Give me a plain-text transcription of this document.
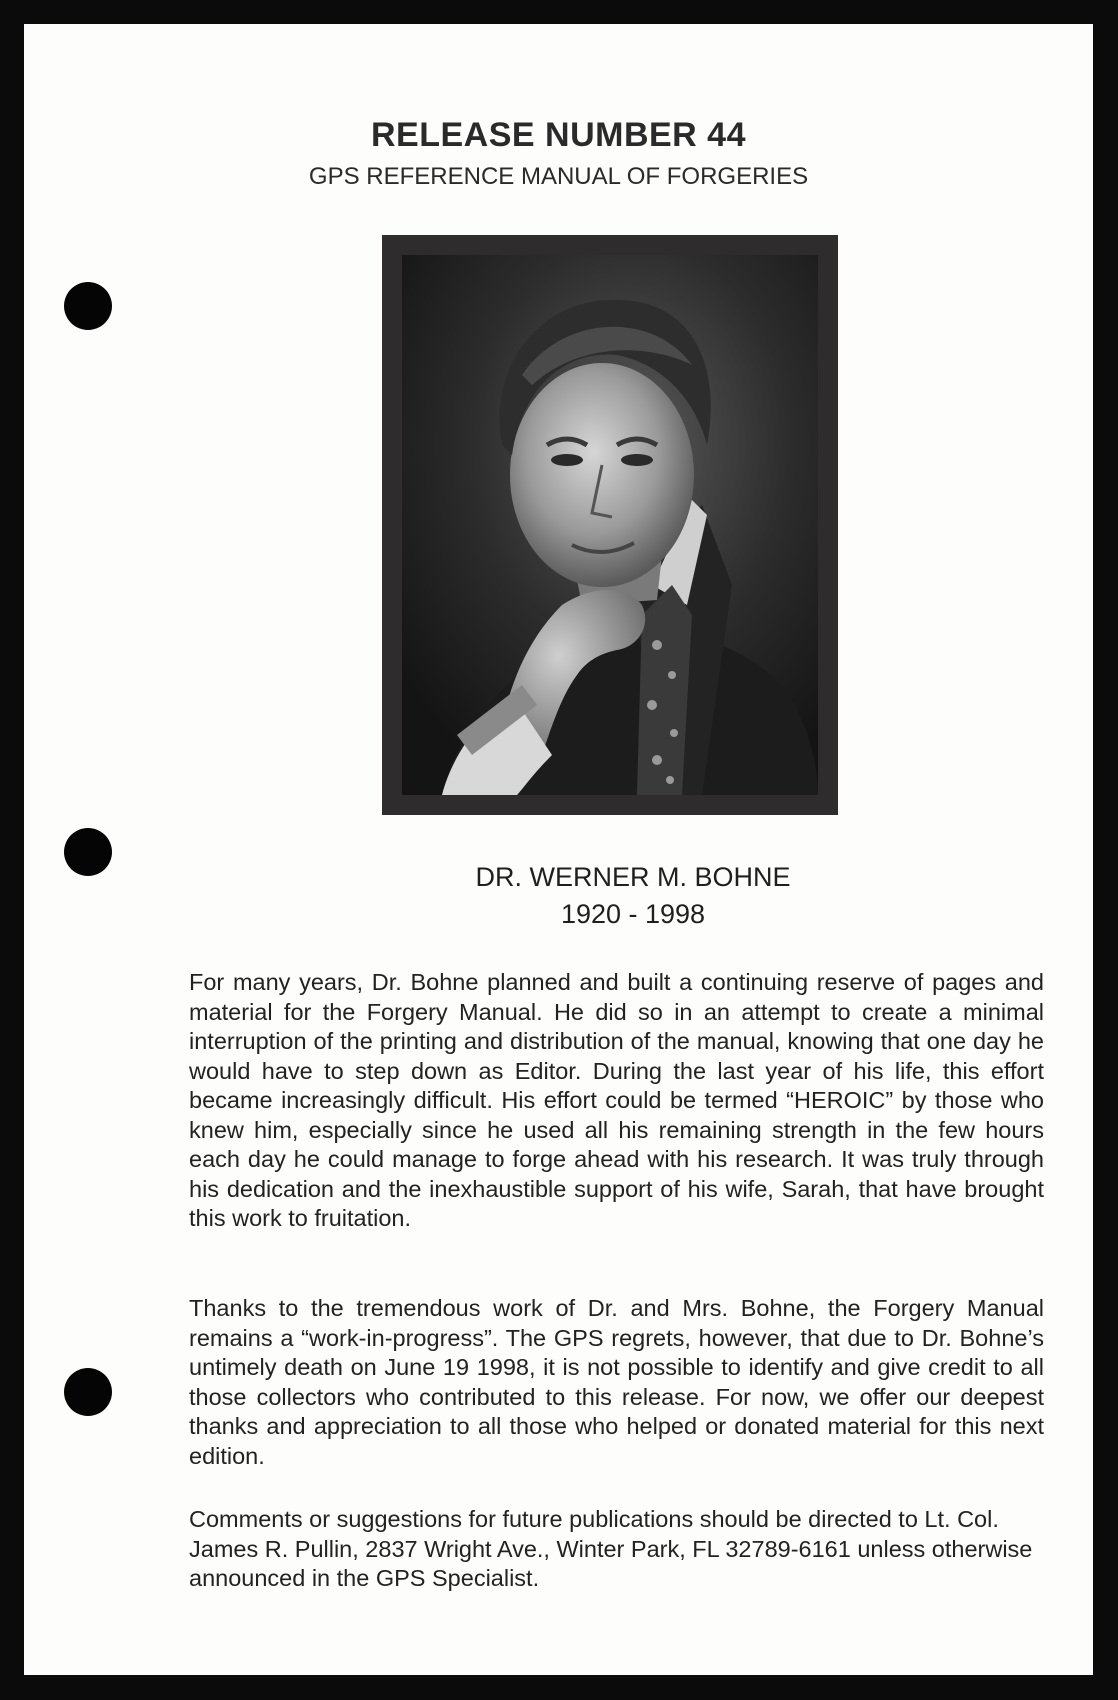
RELEASE NUMBER 44
GPS REFERENCE MANUAL OF FORGERIES
DR. WERNER M. BOHNE
1920 - 1998
For many years, Dr. Bohne planned and built a continuing reserve of pages and material for the Forgery Manual. He did so in an attempt to create a minimal interruption of the printing and distribution of the manual, knowing that one day he would have to step down as Editor. During the last year of his life, this effort became increasingly difficult. His effort could be termed “HEROIC” by those who knew him, especially since he used all his remaining strength in the few hours each day he could manage to forge ahead with his research. It was truly through his dedication and the inexhaustible support of his wife, Sarah, that have brought this work to fruitation.
Thanks to the tremendous work of Dr. and Mrs. Bohne, the Forgery Manual remains a “work-in-progress”. The GPS regrets, however, that due to Dr. Bohne’s untimely death on June 19 1998, it is not possible to identify and give credit to all those collectors who contributed to this release. For now, we offer our deepest thanks and appreciation to all those who helped or donated material for this next edition.
Comments or suggestions for future publications should be directed to Lt. Col. James R. Pullin, 2837 Wright Ave., Winter Park, FL 32789-6161 unless otherwise announced in the GPS Specialist.
